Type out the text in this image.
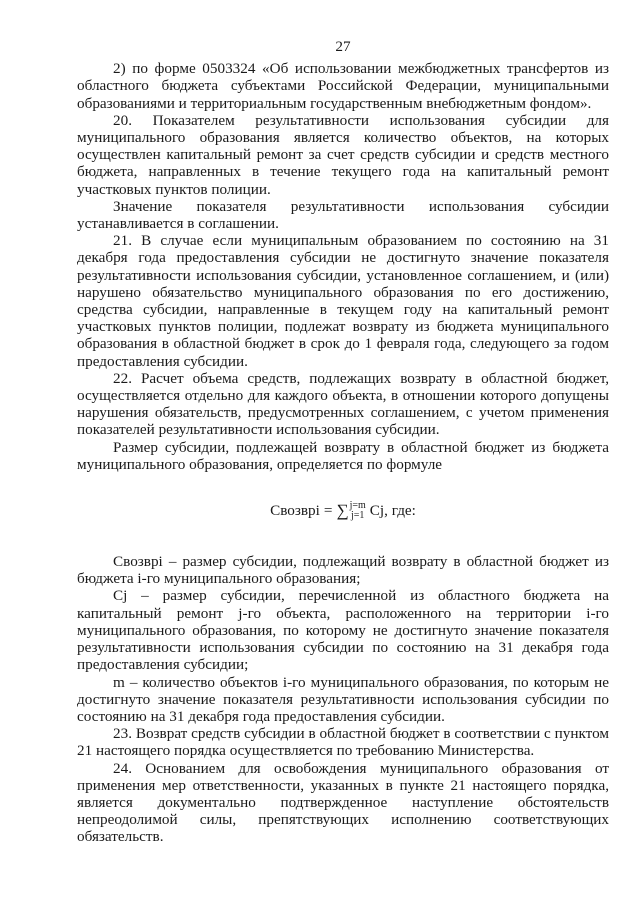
27

2) по форме 0503324 «Об использовании межбюджетных трансфертов из областного бюджета субъектами Российской Федерации, муниципальными образованиями и территориальным государственным внебюджетным фондом».

20. Показателем результативности использования субсидии для муниципального образования является количество объектов, на которых осуществлен капитальный ремонт за счет средств субсидии и средств местного бюджета, направленных в течение текущего года на капитальный ремонт участковых пунктов полиции.

Значение показателя результативности использования субсидии устанавливается в соглашении.

21. В случае если муниципальным образованием по состоянию на 31 декабря года предоставления субсидии не достигнуто значение показателя результативности использования субсидии, установленное соглашением, и (или) нарушено обязательство муниципального образования по его достижению, средства субсидии, направленные в текущем году на капитальный ремонт участковых пунктов полиции, подлежат возврату из бюджета муниципального образования в областной бюджет в срок до 1 февраля года, следующего за годом предоставления субсидии.

22. Расчет объема средств, подлежащих возврату в областной бюджет, осуществляется отдельно для каждого объекта, в отношении которого допущены нарушения обязательств, предусмотренных соглашением, с учетом применения показателей результативности использования субсидии.

Размер субсидии, подлежащей возврату в областной бюджет из бюджета муниципального образования, определяется по формуле

Свозврi = ∑ j=m
j=1 Cj, где:

Свозврi – размер субсидии, подлежащий возврату в областной бюджет из бюджета i-го муниципального образования;

Cj – размер субсидии, перечисленной из областного бюджета на капитальный ремонт j-го объекта, расположенного на территории i-го муниципального образования, по которому не достигнуто значение показателя результативности использования субсидии по состоянию на 31 декабря года предоставления субсидии;

m – количество объектов i-го муниципального образования, по которым не достигнуто значение показателя результативности использования субсидии по состоянию на 31 декабря года предоставления субсидии.

23. Возврат средств субсидии в областной бюджет в соответствии с пунктом 21 настоящего порядка осуществляется по требованию Министерства.

24. Основанием для освобождения муниципального образования от применения мер ответственности, указанных в пункте 21 настоящего порядка, является документально подтвержденное наступление обстоятельств непреодолимой силы, препятствующих исполнению соответствующих обязательств.
